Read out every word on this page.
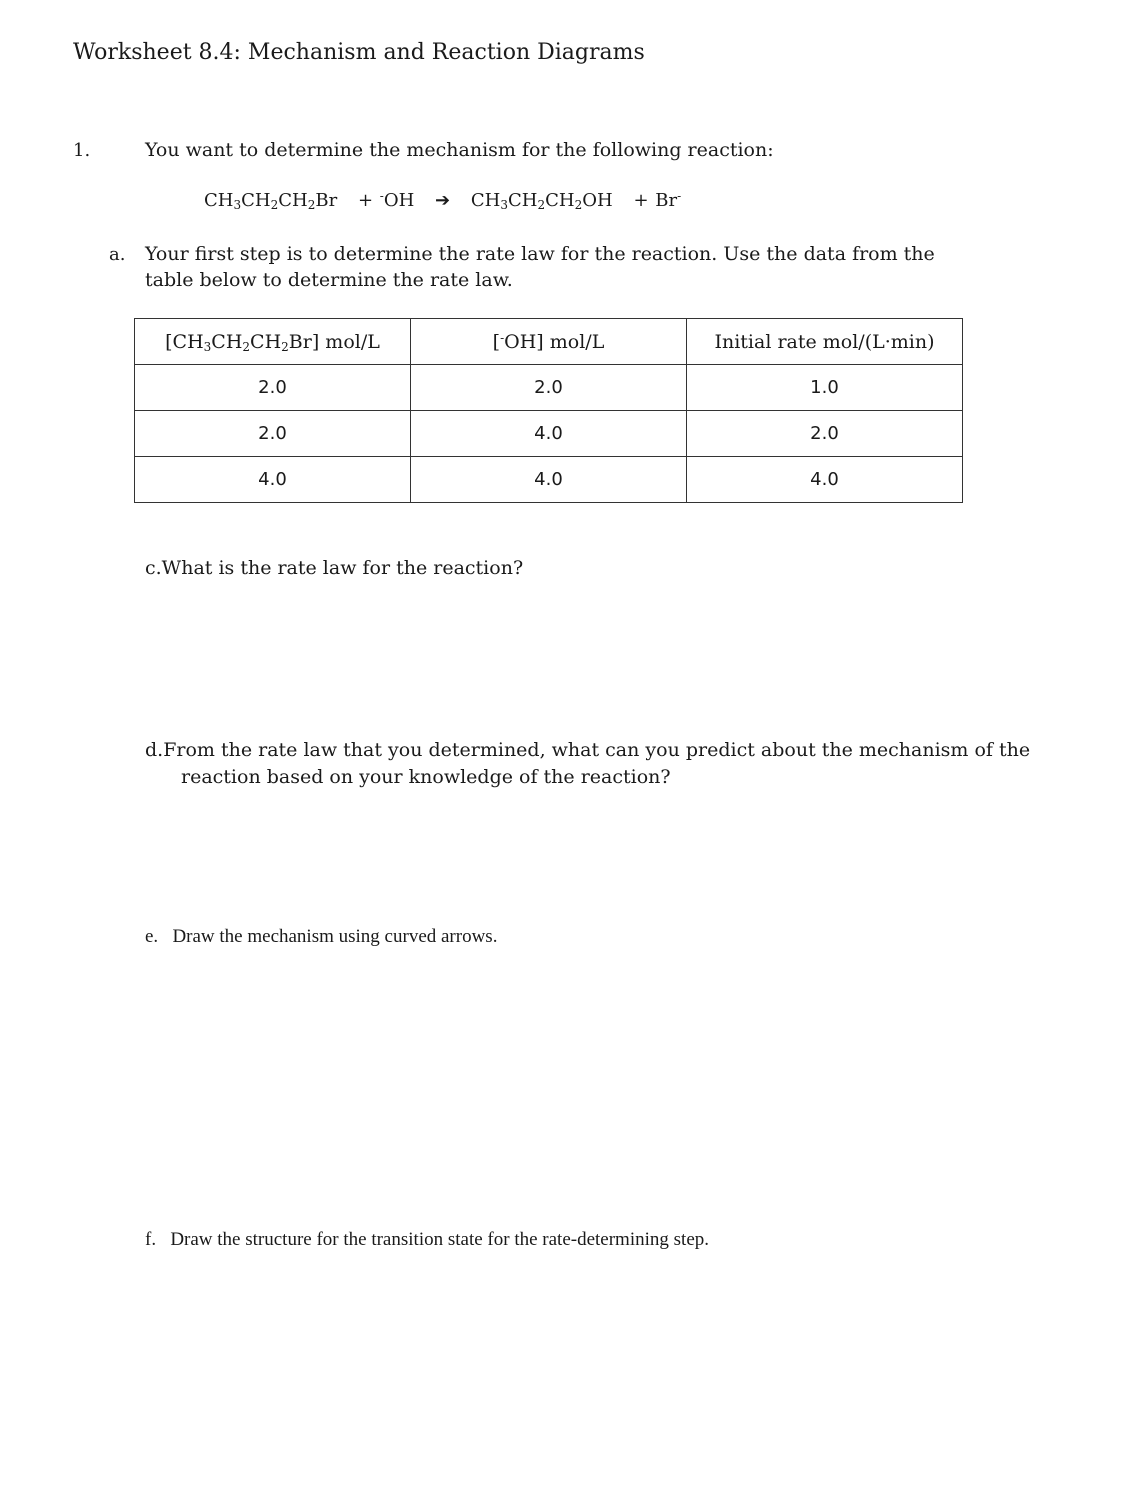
Worksheet 8.4: Mechanism and Reaction Diagrams
1.	You want to determine the mechanism for the following reaction:
$CH_3CH_2CH_2Br + ^-OH$ ➔ $CH_3CH_2CH_2OH + Br^-$
a. Your first step is to determine the rate law for the reaction. Use the data from the table below to determine the rate law.
$[CH_3CH_2CH_2Br]$ mol/L	[-OH] mol/L	Initial rate mol/(L·min)
2.0	2.0	1.0
2.0	4.0	2.0
4.0	4.0	4.0
c.What is the rate law for the reaction?
d.From the rate law that you determined, what can you predict about the mechanism of the
reaction based on your knowledge of the reaction?
e. Draw the mechanism using curved arrows.
f. Draw the structure for the transition state for the rate-determining step.
